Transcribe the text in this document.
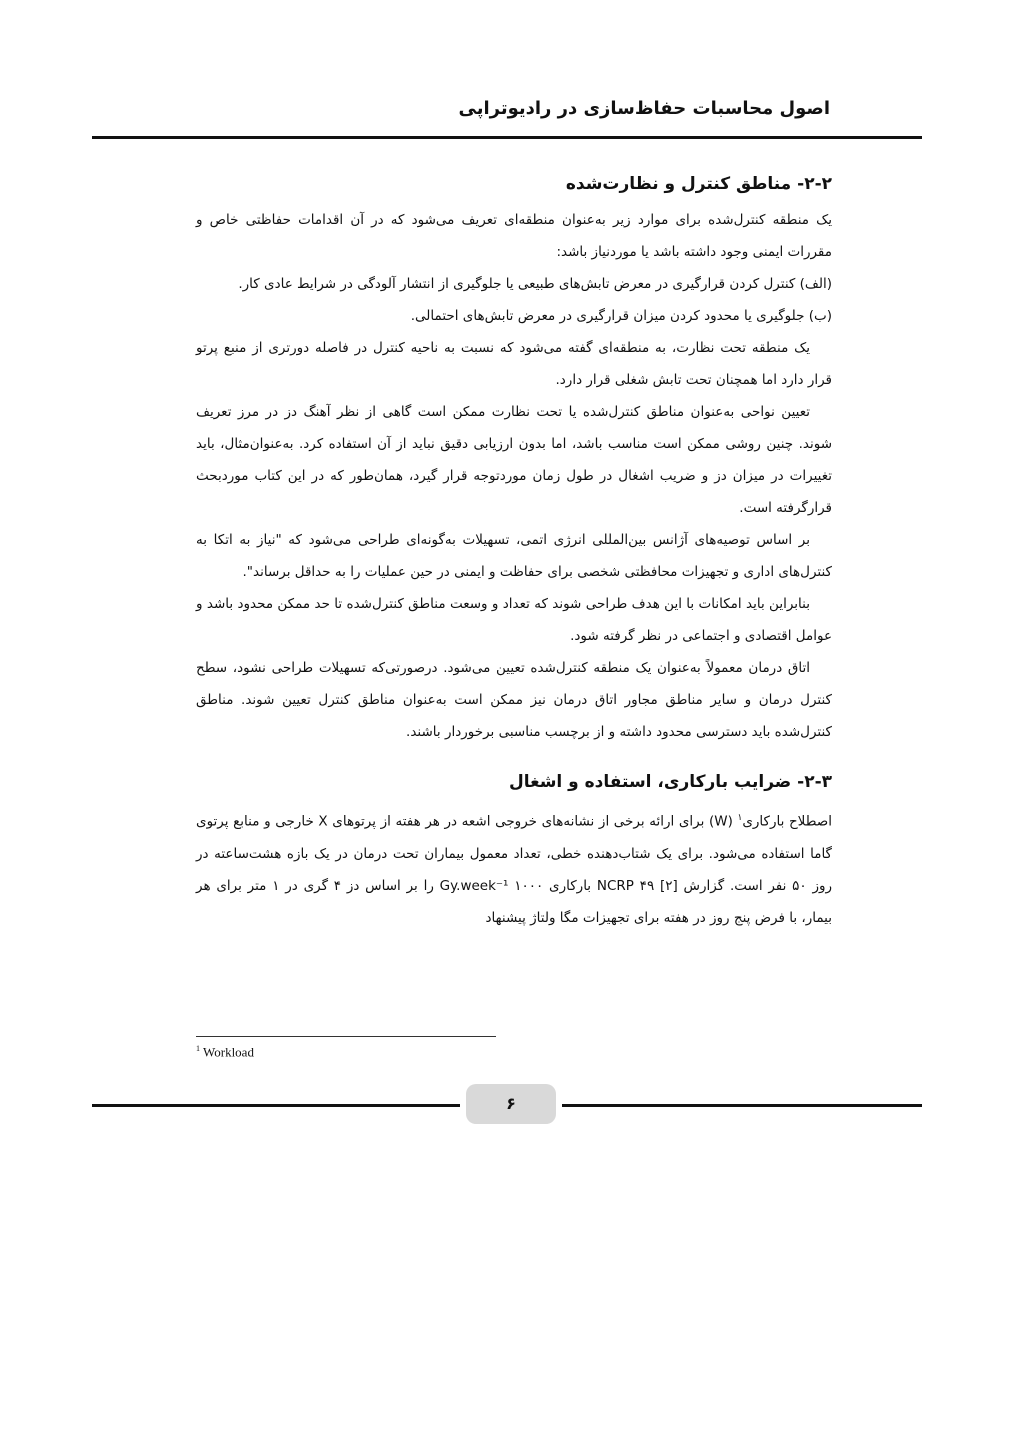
اصول محاسبات حفاظ‌سازی در رادیوتراپی
۲-۲- مناطق کنترل و نظارت‌شده

یک منطقه کنترل‌شده برای موارد زیر به‌عنوان منطقه‌ای تعریف می‌شود که در آن اقدامات حفاظتی خاص و مقررات ایمنی وجود داشته باشد یا موردنیاز باشد:

(الف) کنترل کردن قرارگیری در معرض تابش‌های طبیعی یا جلوگیری از انتشار آلودگی در شرایط عادی کار.

(ب) جلوگیری یا محدود کردن میزان قرارگیری در معرض تابش‌های احتمالی.

یک منطقه تحت نظارت، به منطقه‌ای گفته می‌شود که نسبت به ناحیه کنترل در فاصله دورتری از منبع پرتو قرار دارد اما همچنان تحت تابش شغلی قرار دارد.

تعیین نواحی به‌عنوان مناطق کنترل‌شده یا تحت نظارت ممکن است گاهی از نظر آهنگ دز در مرز تعریف شوند. چنین روشی ممکن است مناسب باشد، اما بدون ارزیابی دقیق نباید از آن استفاده کرد. به‌عنوان‌مثال، باید تغییرات در میزان دز و ضریب اشغال در طول زمان موردتوجه قرار گیرد، همان‌طور که در این کتاب موردبحث قرارگرفته است.

بر اساس توصیه‌های آژانس بین‌المللی انرژی اتمی، تسهیلات به‌گونه‌ای طراحی می‌شود که "نیاز به اتکا به کنترل‌های اداری و تجهیزات محافظتی شخصی برای حفاظت و ایمنی در حین عملیات را به حداقل برساند".

بنابراین باید امکانات با این هدف طراحی شوند که تعداد و وسعت مناطق کنترل‌شده تا حد ممکن محدود باشد و عوامل اقتصادی و اجتماعی در نظر گرفته شود.

اتاق درمان معمولاً به‌عنوان یک منطقه کنترل‌شده تعیین می‌شود. درصورتی‌که تسهیلات طراحی نشود، سطح کنترل درمان و سایر مناطق مجاور اتاق درمان نیز ممکن است به‌عنوان مناطق کنترل تعیین شوند. مناطق کنترل‌شده باید دسترسی محدود داشته و از برچسب مناسبی برخوردار باشند.

۲-۳- ضرایب بارکاری، استفاده و اشغال

اصطلاح بارکاری$^۱$ (W) برای ارائه برخی از نشانه‌های خروجی اشعه در هر هفته از پرتوهای X خارجی و منابع پرتوی گاما استفاده می‌شود. برای یک شتاب‌دهنده خطی، تعداد معمول بیماران تحت درمان در یک بازه هشت‌ساعته در روز ۵۰ نفر است. گزارش NCRP ۴۹ [۲] بارکاری Gy.week⁻¹ ۱۰۰۰ را بر اساس دز ۴ گری در ۱ متر برای هر بیمار، با فرض پنج روز در هفته برای تجهیزات مگا ولتاژ پیشنهاد

$^1$ Workload
۶
